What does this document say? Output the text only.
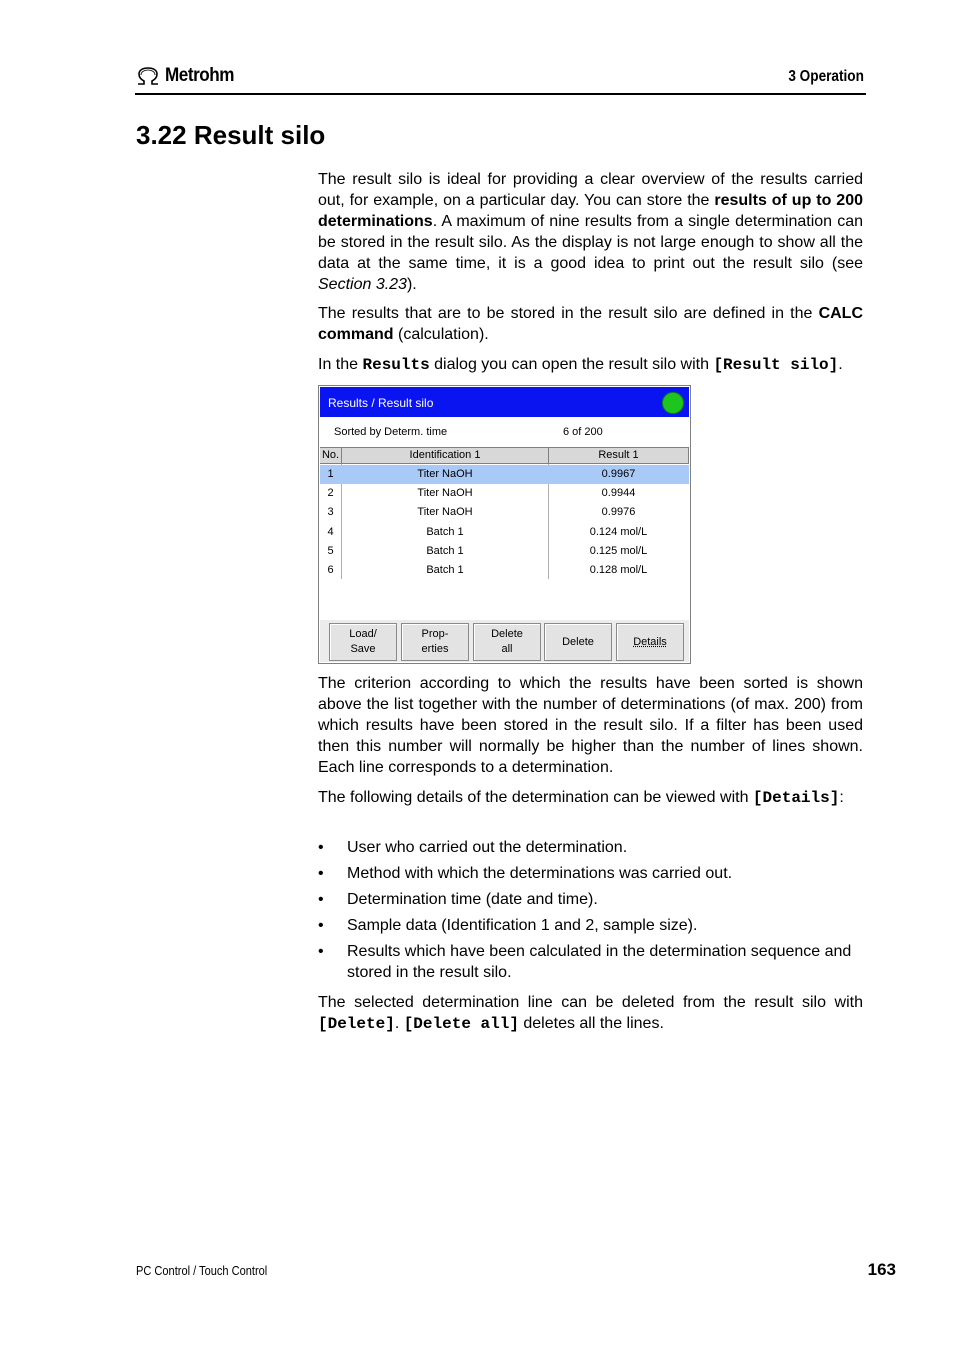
Metrohm	3 Operation
3.22 Result silo

The result silo is ideal for providing a clear overview of the results carried out, for example, on a particular day. You can store the results of up to 200 determinations. A maximum of nine results from a single determination can be stored in the result silo. As the display is not large enough to show all the data at the same time, it is a good idea to print out the result silo (see Section 3.23).

The results that are to be stored in the result silo are defined in the CALC command (calculation).

In the Results dialog you can open the result silo with [Result silo].

Results / Result silo
Sorted by Determ. time	6 of 200
No.	Identification 1	Result 1
1	Titer NaOH	0.9967
2	Titer NaOH	0.9944
3	Titer NaOH	0.9976
4	Batch 1	0.124 mol/L
5	Batch 1	0.125 mol/L
6	Batch 1	0.128 mol/L
Load/
Save
Prop-
erties
Delete
all
Delete	Details

The criterion according to which the results have been sorted is shown above the list together with the number of determinations (of max. 200) from which results have been stored in the result silo. If a filter has been used then this number will normally be higher than the number of lines shown. Each line corresponds to a determination.

The following details of the determination can be viewed with [Details]:

• User who carried out the determination.
• Method with which the determinations was carried out.
• Determination time (date and time).
• Sample data (Identification 1 and 2, sample size).
• Results which have been calculated in the determination sequence and stored in the result silo.

The selected determination line can be deleted from the result silo with [Delete]. [Delete all] deletes all the lines.

PC Control / Touch Control	163
